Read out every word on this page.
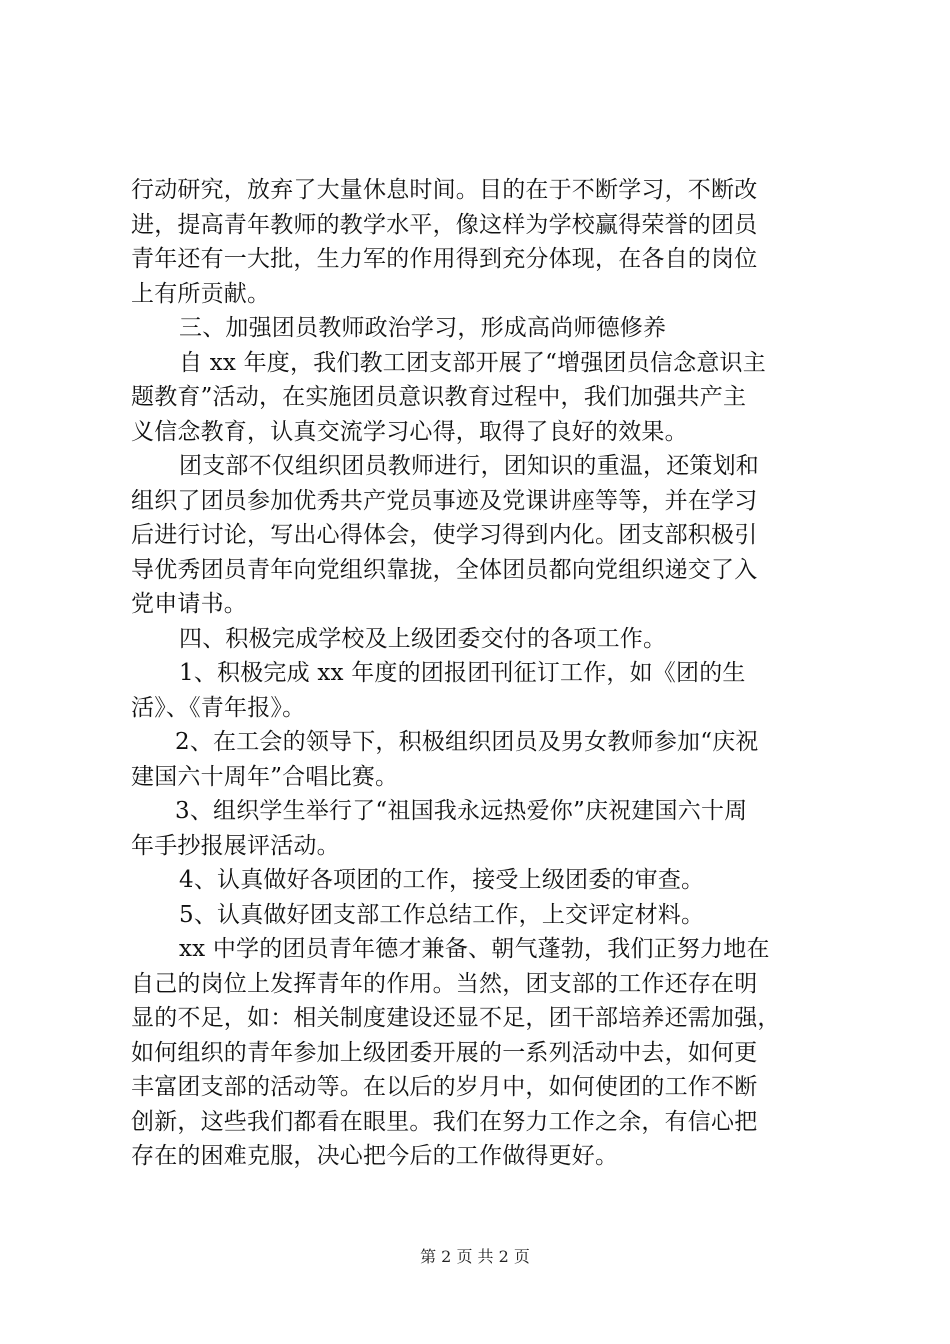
行动研究，放弃了大量休息时间。目的在于不断学习，不断改
进，提高青年教师的教学水平，像这样为学校赢得荣誉的团员
青年还有一大批，生力军的作用得到充分体现，在各自的岗位
上有所贡献。
三、加强团员教师政治学习，形成高尚师德修养
自 xx 年度，我们教工团支部开展了“增强团员信念意识主
题教育”活动，在实施团员意识教育过程中，我们加强共产主
义信念教育，认真交流学习心得，取得了良好的效果。
团支部不仅组织团员教师进行，团知识的重温，还策划和
组织了团员参加优秀共产党员事迹及党课讲座等等，并在学习
后进行讨论，写出心得体会，使学习得到内化。团支部积极引
导优秀团员青年向党组织靠拢，全体团员都向党组织递交了入
党申请书。
四、积极完成学校及上级团委交付的各项工作。
1、积极完成 xx 年度的团报团刊征订工作，如《团的生
活》、《青年报》。
2、在工会的领导下，积极组织团员及男女教师参加“庆祝
建国六十周年”合唱比赛。
3、组织学生举行了“祖国我永远热爱你”庆祝建国六十周
年手抄报展评活动。
4、认真做好各项团的工作，接受上级团委的审查。
5、认真做好团支部工作总结工作，上交评定材料。
xx 中学的团员青年德才兼备、朝气蓬勃，我们正努力地在
自己的岗位上发挥青年的作用。当然，团支部的工作还存在明
显的不足，如：相关制度建设还显不足，团干部培养还需加强，
如何组织的青年参加上级团委开展的一系列活动中去，如何更
丰富团支部的活动等。在以后的岁月中，如何使团的工作不断
创新，这些我们都看在眼里。我们在努力工作之余，有信心把
存在的困难克服，决心把今后的工作做得更好。
第 2 页 共 2 页
